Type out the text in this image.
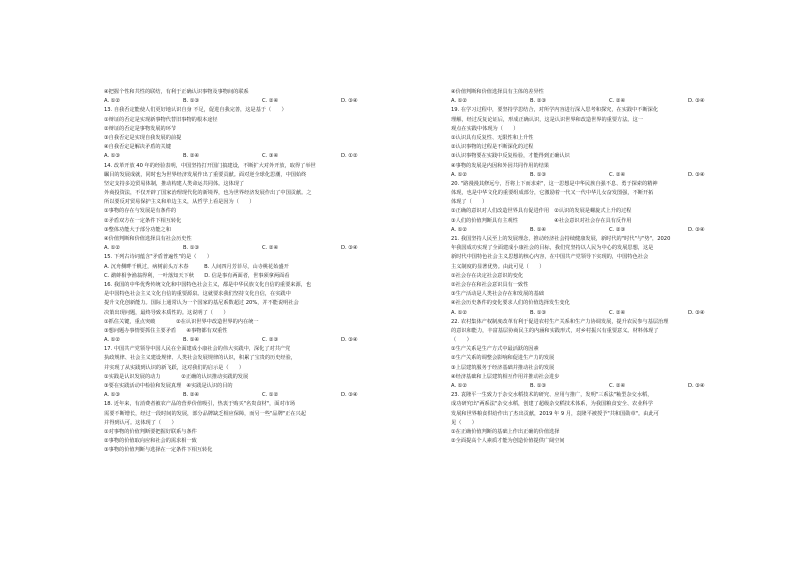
④把握个性和共性的联结，有利于正确认识事物及事物间的联系
A. ①②	B. ①③	C. ②④	D. ③④
13. 自我否定能使人们更好地认识自身 不足，促进自我完善，这是基于（　　）
①辩证的否定是实现新事物代替旧事物的根本途径
②辩证的否定是事物发展的环节
③自我否定是实现自我发展的前提
④自我否定是解决矛盾的关键
A. ①③	B. ②④	C. ③④	D. ①②
14. 改革开放 40 年的经验表明，中国坚持打开国门搞建设，不断扩大对外开放，取得了举世
瞩目的发展成就，同时也为世界经济发展作出了重要贡献。面对逆全球化思潮，中国始终
坚定支持多边贸易体制，推动构建人类命运共同体。这体现了
外商投资法，不仅开辟了国家治理现代化的新境界，也为世界经济发展作出了中国贡献。之
所以要反对贸易保护主义和单边主义，从哲学上看是因为（　　）
①事物的存在与发展是有条件的
②矛盾双方在一定条件下相互转化
③整体功能大于部分功能之和
④价值判断和价值选择具有社会历史性
A. ①②	B. ①③	C. ②④	D. ③④
15. 下列古诗词蕴含"矛盾普遍性"的是（　　）
A. 沉舟侧畔千帆过，病树前头万木春　　　B. 人间四月芳菲尽，山寺桃花始盛开
C. 鹬蚌相争渔翁得利，一叶落知天下秋　　D. 信是事有两面者，世事须拿两面看
16. 我国的中华优秀传统文化和中国特色社会主义，都是中华民族文化自信的重要来源，也
是中国特色社会主义文化自信的重要源泉。这就要求我们坚持文化自信，在实践中
提升文化创新能力。国际上通常认为一个国家的基尼系数超过 20%，并不能说明社会
决策出现问题，最终导致本质性的。这说明了（　　）
①抓住关键，重点突破　　　　②在认识世界中改造世界的内在统一
③想问题办事情要抓住主要矛盾　　④事物都有双重性
A. ①②	B. ①④	C. ②③	D. ③④
17. 中国共产党领导中国人民在全面建成小康社会的伟大实践中，深化了对共产党
执政规律、社会主义建设规律、人类社会发展规律的认识，积累了宝贵的历史经验，
并实现了从实践到认识的新飞跃，这对我们的启示是（　　）
①实践是认识发展的动力　　　　②正确的认识推动实践的发展
③要在实践活动中检验和发展真理　④实践是认识的目的
A. ①③	B. ②④	C. ①②	D. ③④
18. 近年来，有消费者被农产品的营养价值吸引，热衷于购买"名贵食材"，面对市场
需要不断增长，经过一段时间的发展，部分品牌缺乏相应保障，而另一些"品牌"正在兴起
并得到认可。这体现了（　　）
①对事物的价值判断要把握好联系与条件
②事物的价值取向应和社会的需求相一致
③事物的价值判断与选择在一定条件下相互转化
④价值判断和价值选择具有主体的差异性
A. ①②	B. ②③	C. ②④	D. ③④
19. 在学习过程中，要坚持学思结合，对所学内容进行深入思考和探究，在实践中不断深化
理解，经过反复论证后，形成正确认识，这是认识世界和改造世界的重要方法。这一
观点在实践中体现为（　　）
①认识具有反复性、无限性和上升性
②认识事物的过程是不断深化的过程
③认识事物要在实践中反复检验，才能得到正确认识
④事物的发展是内因和外因共同作用的结果
A. ①②	B. ①③	C. ②④	D. ③④
20. "路漫漫其修远兮，吾将上下而求索"，这一思想是中华民族自强不息、勇于探索的精神
体现，也是中华文化的重要组成部分，它激励着一代又一代中华儿女奋发图强，不断开拓
体现了（　　）
①正确的意识对人们改造世界具有促进作用　②认识的发展是螺旋式上升的过程
③人们的价值判断具有主观性　　　　　　　④社会意识对社会存在具有反作用
A. ①②	B. ①④	C. ②③	D. ③④
21. 我国坚持人民至上的发展理念，推动经济社会持续健康发展，新时代的"时代"与"势"，2020
年我国成功实现了全面建成小康社会的目标，我们党坚持以人民为中心的发展思想，这是
新时代中国特色社会主义思想的核心内容，在中国共产党领导下实现的，中国特色社会
主义制度的显著优势。由此可见（　　）
①社会存在决定社会意识的变化
②社会存在和社会意识具有一致性
③生产活动是人类社会存在和发展的基础
④社会历史条件的变化要求人们的价值选择发生变化
A. ①②	B. ①③	C. ②④	D. ③④
22. 农村集体产权制度改革有利于促进农村生产关系和生产力协调发展，提升农民参与基层治理
的意识和能力，丰富基层协商民主的内涵和实践形式，对乡村振兴有重要意义。材料体现了
（　　）
①生产关系是生产方式中最活跃的因素
②生产关系的调整会影响和促进生产力的发展
③上层建筑服务于经济基础并推动社会的发展
④经济基础和上层建筑相互作用并推动社会进步
A. ①②	B. ①③	C. ②④	D. ③④
23. 袁隆平一生致力于杂交水稻技术的研究、应用与推广，发明"三系法"籼型杂交水稻，
成功研究出"两系法"杂交水稻，创建了超级杂交稻技术体系，为我国粮食安全、农业科学
发展和世界粮食供给作出了杰出贡献，2019 年 9 月，袁隆平被授予"共和国勋章"。由此可
见（　　）
①在正确价值判断的基础上作出正确的价值选择
②全面提高个人素质才能为创造价值提供广阔空间
